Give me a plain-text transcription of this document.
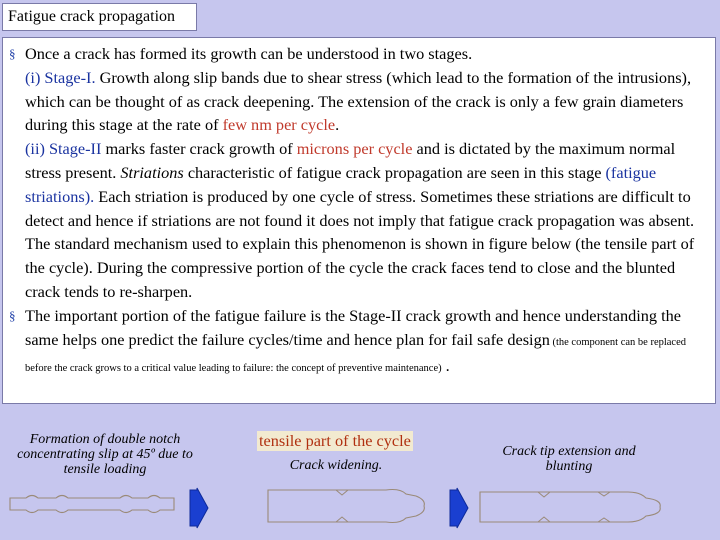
Fatigue crack propagation
§ Once a crack has formed its growth can be understood in two stages.
(i) Stage-I. Growth along slip bands due to shear stress (which lead to the formation of the intrusions), which can be thought of as crack deepening. The extension of the crack is only a few grain diameters during this stage at the rate of few nm per cycle.
(ii) Stage-II marks faster crack growth of microns per cycle and is dictated by the maximum normal stress present. Striations characteristic of fatigue crack propagation are seen in this stage (fatigue striations). Each striation is produced by one cycle of stress. Sometimes these striations are difficult to detect and hence if striations are not found it does not imply that fatigue crack propagation was absent. The standard mechanism used to explain this phenomenon is shown in figure below (the tensile part of the cycle). During the compressive portion of the cycle the crack faces tend to close and the blunted crack tends to re-sharpen.
§ The important portion of the fatigue failure is the Stage-II crack growth and hence understanding the same helps one predict the failure cycles/time and hence plan for fail safe design (the component can be replaced before the crack grows to a critical value leading to failure: the concept of preventive maintenance) .
Formation of double notch concentrating slip at 45º due to tensile loading
tensile part of the cycle
Crack widening.
Crack tip extension and blunting
